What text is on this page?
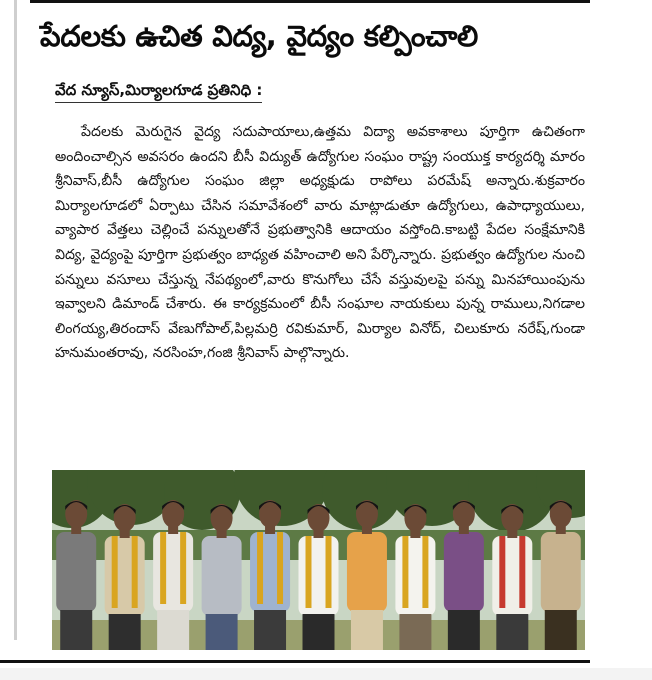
పేదలకు ఉచిత విద్య, వైద్యం కల్పించాలి
వేద న్యూస్,మిర్యాలగూడ ప్రతినిధి :
పేదలకు మెరుగైన వైద్య సదుపాయాలు,ఉత్తమ విద్యా అవకాశాలు పూర్తిగా ఉచితంగా అందించాల్సిన అవసరం ఉందని బీసీ విద్యుత్ ఉద్యోగుల సంఘం రాష్ట్ర సంయుక్త కార్యదర్శి మారం శ్రీనివాస్,బీసీ ఉద్యోగుల సంఘం జిల్లా అధ్యక్షుడు రాపోలు పరమేష్ అన్నారు.శుక్రవారం మిర్యాలగూడలో ఏర్పాటు చేసిన సమావేశంలో వారు మాట్లాడుతూ ఉద్యోగులు, ఉపాధ్యాయులు, వ్యాపార వేత్తలు చెల్లించే పన్నులతోనే ప్రభుత్వానికి ఆదాయం వస్తోంది.కాబట్టి పేదల సంక్షేమానికి విద్య, వైద్యంపై పూర్తిగా ప్రభుత్వం బాధ్యత వహించాలి అని పేర్కొన్నారు. ప్రభుత్వం ఉద్యోగుల నుంచి పన్నులు వసూలు చేస్తున్న నేపథ్యంలో,వారు కొనుగోలు చేసే వస్తువులపై పన్ను మినహాయింపును ఇవ్వాలని డిమాండ్ చేశారు. ఈ కార్యక్రమంలో బీసీ సంఘాల నాయకులు పున్న రాములు,నిగడాల లింగయ్య,తిరందాస్ వేణుగోపాల్,పిల్లమర్రి రవికుమార్, మిర్యాల వినోద్, చిలుకూరు నరేష్,గుండా హనుమంతరావు, నరసింహ,గంజి శ్రీనివాస్ పాల్గొన్నారు.
